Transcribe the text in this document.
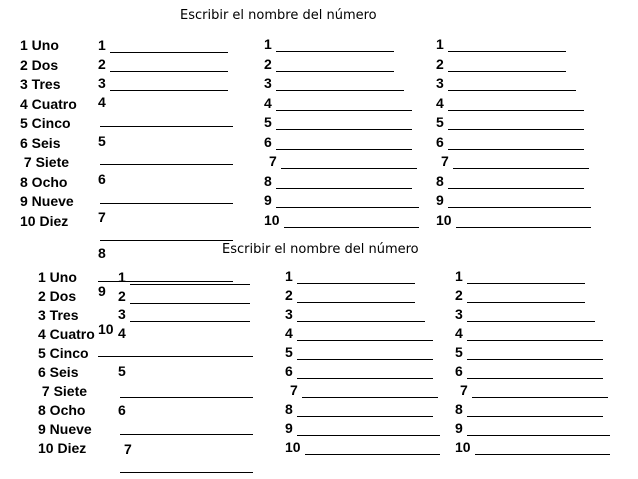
Escribir el nombre del número
1 Uno
2 Dos
3 Tres
4 Cuatro
5 Cinco
6 Seis
7 Siete
8 Ocho
9 Nueve
10 Diez
1
2
3
4
5
6
7
1
2
3
4
5
6
7
8
9
10
1
2
3
4
5
6
7
8
9
10
Escribir el nombre del número
1 Uno
2 Dos
3 Tres
4 Cuatro
5 Cinco
6 Seis
7 Siete
8 Ocho
9 Nueve
10 Diez
1
2
3
4
5
6
7
1
2
3
4
5
6
7
8
9
10
1
2
3
4
5
6
7
8
9
10
8
9
10
